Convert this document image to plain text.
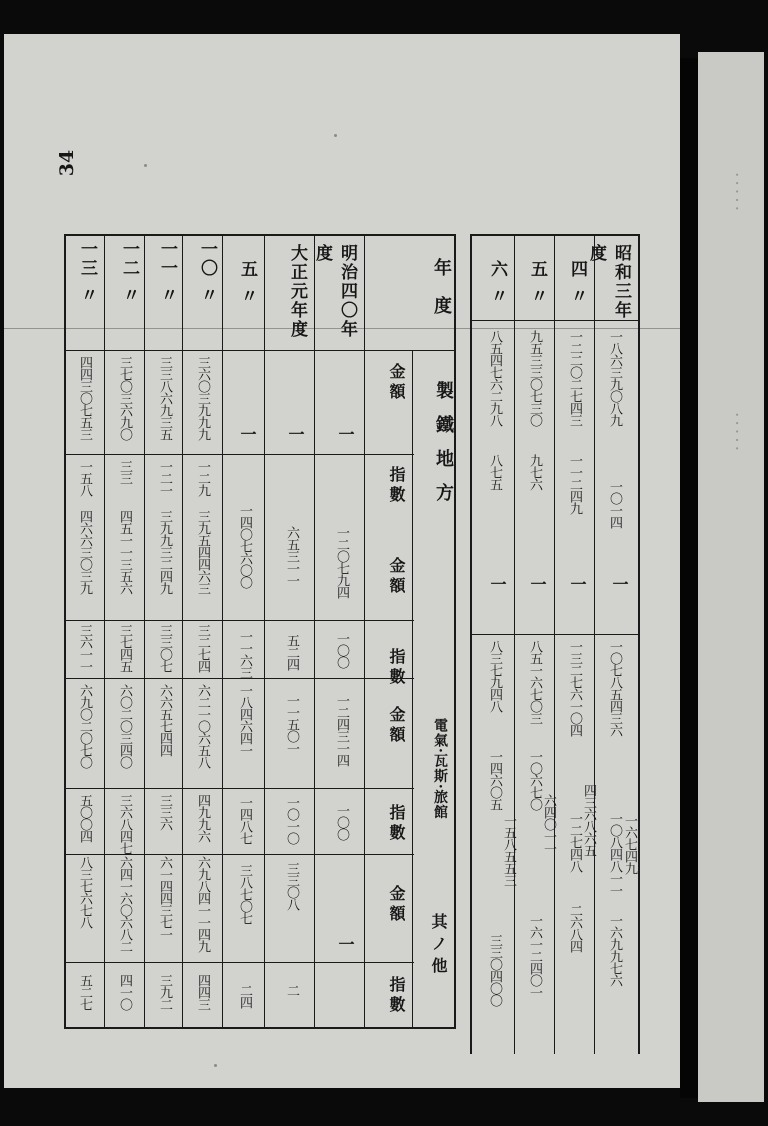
34
昭和三年度
一八六三九〇八九
一〇一四
一
一〇七八五四三六
一〇八四八一一 一六七四九
一六九九七六
四 〃
一二二〇二七四三
一一二四九
一
一三二七六一〇四
一二七四八 四三六八六五
二六八四
五 〃
九五三三〇七三〇
九七六
一
八五一六七〇三
一〇六七〇
六四〇一一
一六一二四〇一
六 〃
八五四七六二九八
八七五
一
八三七九四八
一四六〇五
一五八五五三
三三〇四〇〇
年度
製鐵地方
電氣·瓦斯·旅館
其ノ他
金額
指數
金額
指數
金額
指數
金額
指數
明治四〇年度
一
一二〇七九四
一〇〇
一二四三一四
一〇〇
一
大正元年度
一
六五三一一
五二四
一一五〇一
一〇一〇
三三〇八
二
五 〃
一
一四〇七六〇〇
一一六三
一八四六四一
一四八七
三八七〇七
二四
一〇 〃
三六〇三九九九
一二九
三九五四四六三
三二七四
六二一〇六五八
四九九六
六九八四一一四九
四四三
一一 〃
三三八六九三五
一二一
三九九三二四九
三三〇七
六六五七四四
三三六
六一四四三七一
三九二
一二 〃
三七〇三六九〇
三三
四五一一三五六
三七四五
六〇二〇三四〇
三六八四七
六四一六〇六八二
四一〇
一三 〃
四四三〇七五三
一五八
四六六三〇三九
三六一一
六九〇二〇七〇
五〇〇四
八三七六七八
五二七
·····
·····
